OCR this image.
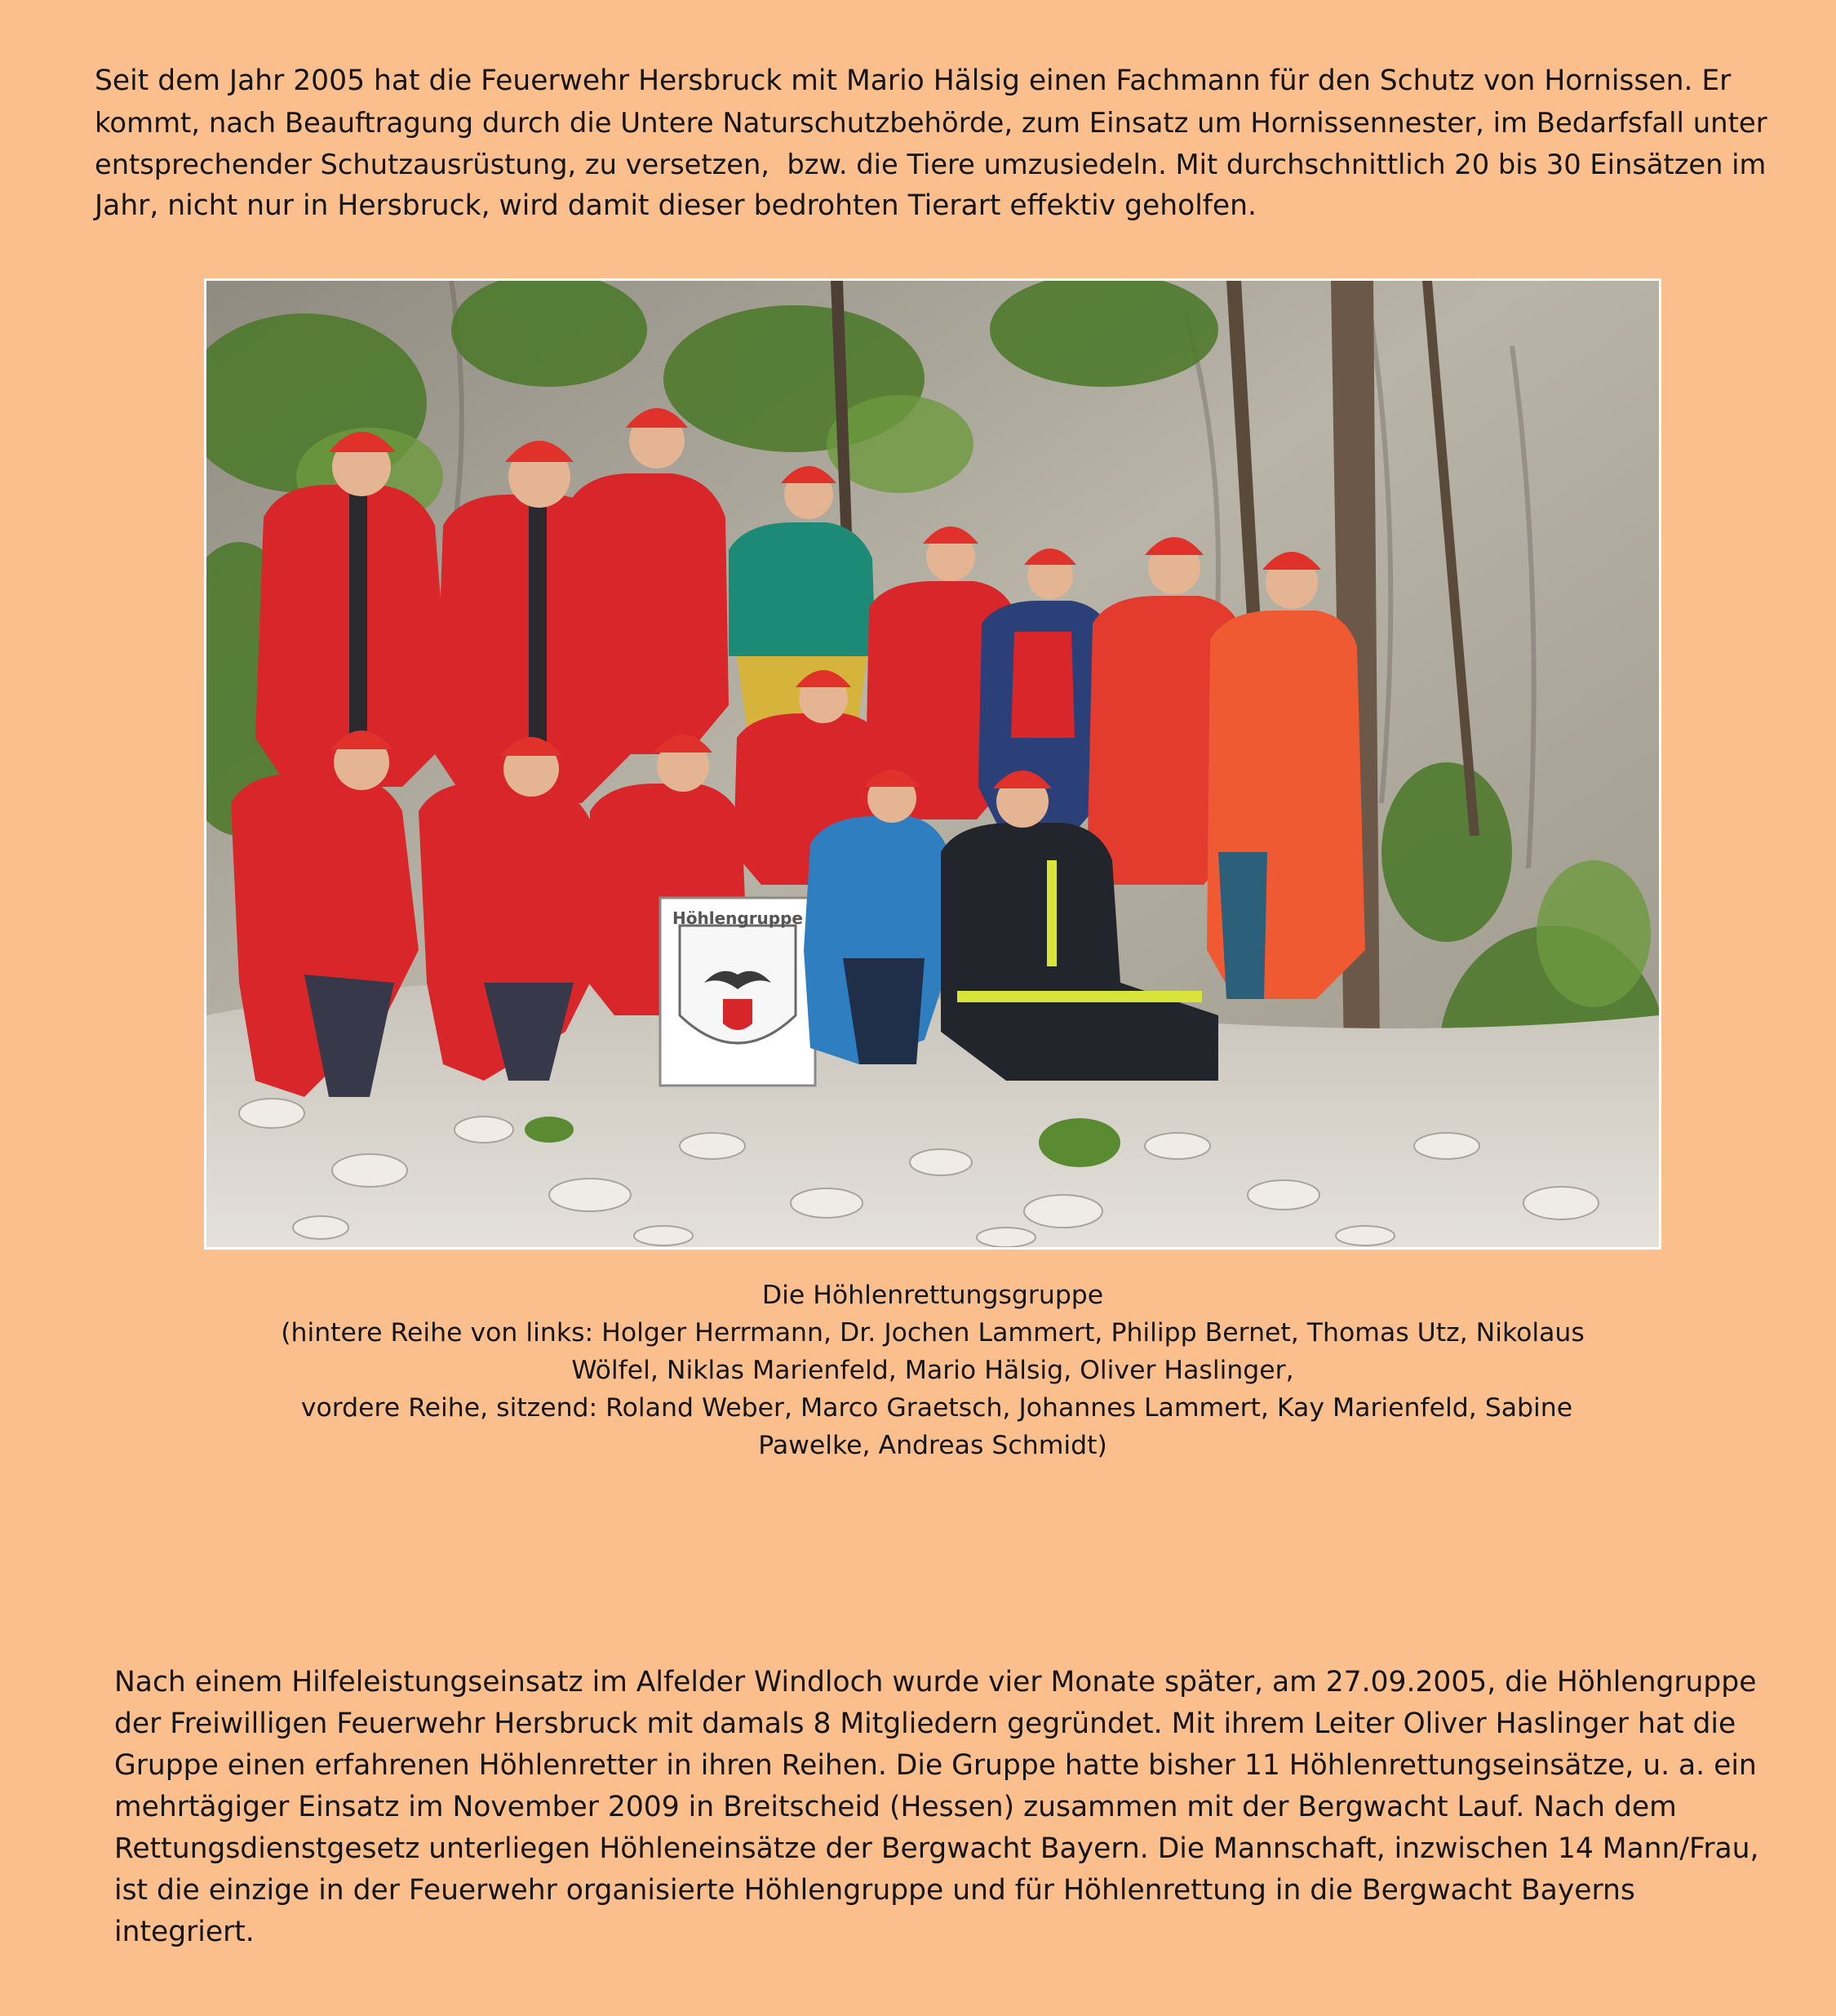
Seit dem Jahr 2005 hat die Feuerwehr Hersbruck mit Mario Hälsig einen Fachmann für den Schutz von Hornissen. Er
kommt, nach Beauftragung durch die Untere Naturschutzbehörde, zum Einsatz um Hornissennester, im Bedarfsfall unter
entsprechender Schutzausrüstung, zu versetzen,  bzw. die Tiere umzusiedeln. Mit durchschnittlich 20 bis 30 Einsätzen im
Jahr, nicht nur in Hersbruck, wird damit dieser bedrohten Tierart effektiv geholfen.

Höhlengruppe

Die Höhlenrettungsgruppe
(hintere Reihe von links: Holger Herrmann, Dr. Jochen Lammert, Philipp Bernet, Thomas Utz, Nikolaus
Wölfel, Niklas Marienfeld, Mario Hälsig, Oliver Haslinger,
vordere Reihe, sitzend: Roland Weber, Marco Graetsch, Johannes Lammert, Kay Marienfeld, Sabine
Pawelke, Andreas Schmidt)

Nach einem Hilfeleistungseinsatz im Alfelder Windloch wurde vier Monate später, am 27.09.2005, die Höhlengruppe
der Freiwilligen Feuerwehr Hersbruck mit damals 8 Mitgliedern gegründet. Mit ihrem Leiter Oliver Haslinger hat die
Gruppe einen erfahrenen Höhlenretter in ihren Reihen. Die Gruppe hatte bisher 11 Höhlenrettungseinsätze, u. a. ein
mehrtägiger Einsatz im November 2009 in Breitscheid (Hessen) zusammen mit der Bergwacht Lauf. Nach dem
Rettungsdienstgesetz unterliegen Höhleneinsätze der Bergwacht Bayern. Die Mannschaft, inzwischen 14 Mann/Frau,
ist die einzige in der Feuerwehr organisierte Höhlengruppe und für Höhlenrettung in die Bergwacht Bayerns
integriert.
